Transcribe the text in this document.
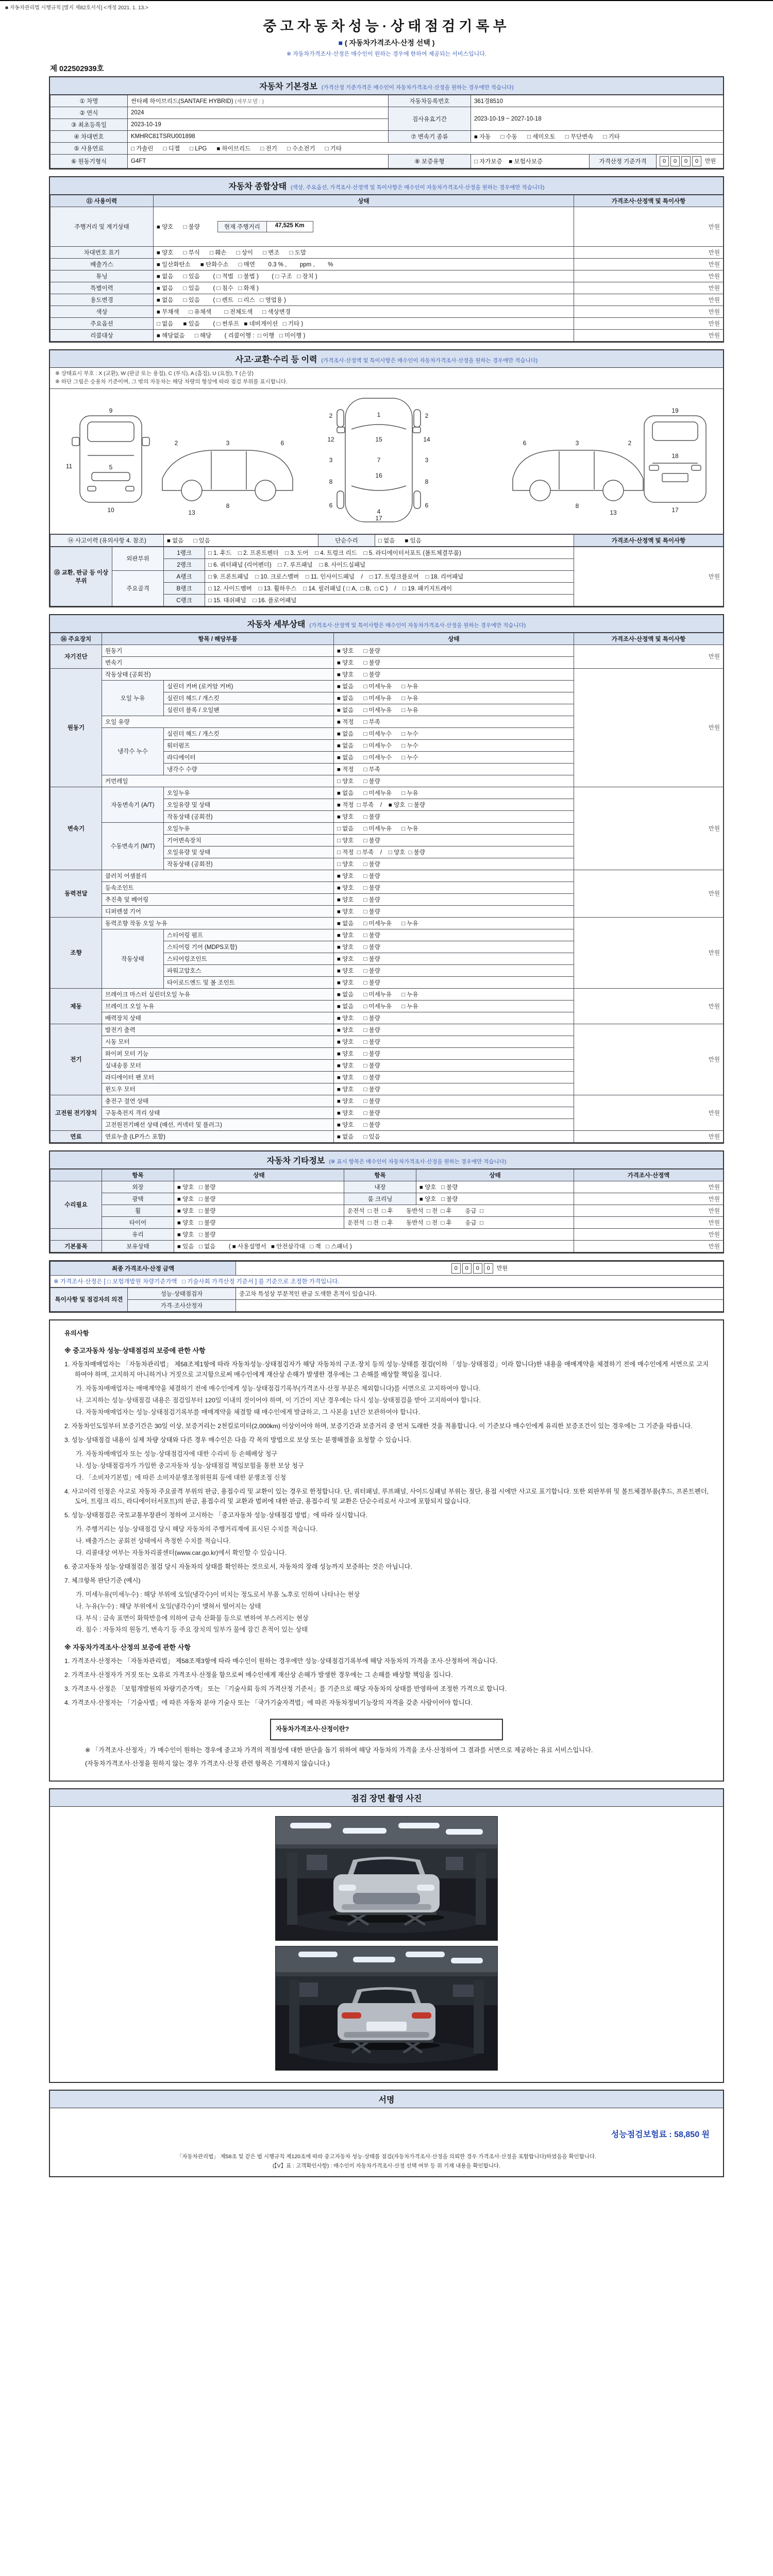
■ 자동차관리법 시행규칙 [별지 제82호서식] <개정 2021. 1. 13.>
중고자동차성능·상태점검기록부
■ ( 자동차가격조사·산정 선택 )
※ 자동차가격조사·산정은 매수인이 원하는 경우에 한하여 제공되는 서비스입니다.
제 022502939호
자동차 기본정보 (가격산정 기준가격은 매수인이 자동차가격조사·산정을 원하는 경우에만 적습니다)
① 차명	싼타페 하이브리드(SANTAFE HYBRID) (세부모델 : )	자동차등록번호	361경8510		
② 연식	2024	검사유효기간	2023-10-19 ~ 2027-10-18		
③ 최초등록일	2023-10-19				
④ 차대번호	KMHRC81TSRU001898	⑦ 변속기 종류	■ 자동      □ 수동      □ 세미오토      □ 무단변속      □ 기타		
⑤ 사용연료	□ 가솔린      □ 디젤      □ LPG      ■ 하이브리드      □ 전기      □ 수소전기      □ 기타				
⑥ 원동기형식	G4FT	⑧ 보증유형	□ 자가보증    ■ 보험사보증	가격산정 기준가격	0 0 0 0 만원
자동차 종합상태 (색상, 주요옵션, 가격조사·산정액 및 특이사항은 매수인이 자동차가격조사·산정을 원하는 경우에만 적습니다)
⑪ 사용이력	상태	가격조사·산정액 및 특이사항
주행거리 및 계기상태	■ 양호      □ 불량 현재 주행거리 47,525 Km	만원
차대번호 표기	■ 양호      □ 부식      □ 훼손      □ 상이      □ 변조      □ 도말	만원
배출가스	■ 일산화탄소      ■ 탄화수소      □ 매연        0.3 % ,        ppm ,        %	만원
튜닝	■ 없음      □ 있음        ( □ 적법   □ 불법 )        ( □ 구조   □ 장치 )	만원
특별이력	■ 없음      □ 있음        ( □ 침수   □ 화재 )	만원
용도변경	■ 없음      □ 있음        ( □ 렌트   □ 리스   □ 영업용 )	만원
색상	■ 무채색      □ 유채색        □ 전체도색      □ 색상변경	만원
주요옵션	□ 없음      ■ 있음        ( □ 썬루프   ■ 네비게이션   □ 기타 )	만원
리콜대상	■ 해당없음      □ 해당        ( 리콜이행 :  □ 이행   □ 미이행 )	만원
사고·교환·수리 등 이력 (가격조사·산정액 및 특이사항은 매수인이 자동차가격조사·산정을 원하는 경우에만 적습니다)
※ 상태표시 부호 : X (교환), W (판금 또는 용접), C (부식), A (흠집), U (요철), T (손상)
※ 하단 그림은 승용차 기준이며, 그 밖의 자동차는 해당 차량의 형상에 따라 점검 부위를 표시합니다.
9
5
10
11
2	3	6
8
13
1
7
4
2	2
3	3
6	6
8	8
12	14
15
16
17
2
3
6
8
13
19
18
17
⑭ 사고이력 (유의사항 4. 참조)	■ 없음      □ 있음	단순수리	□ 없음      ■ 있음	가격조사·산정액 및 특이사항
⑮ 교환, 판금 등 이상 부위	외판부위	1랭크	□ 1. 후드    □ 2. 프론트펜더    □ 3. 도어    □ 4. 트렁크 리드    □ 5. 라디에이터서포트 (볼트체결부품)	만원
		2랭크	□ 6. 쿼터패널 (리어펜더)    □ 7. 루프패널    □ 8. 사이드실패널	
	주요골격	A랭크	□ 9. 프론트패널    □ 10. 크로스멤버    □ 11. 인사이드패널    /    □ 17. 트렁크플로어    □ 18. 리어패널	
		B랭크	□ 12. 사이드멤버    □ 13. 휠하우스    □ 14. 필러패널 ( □ A,  □ B,  □ C )    /    □ 19. 패키지트레이	
		C랭크	□ 15. 대쉬패널    □ 16. 플로어패널	
자동차 세부상태 (가격조사·산정액 및 특이사항은 매수인이 자동차가격조사·산정을 원하는 경우에만 적습니다)
⑯ 주요장치	항목 / 해당부품		상태	가격조사·산정액 및 특이사항
자기진단	원동기		■ 양호      □ 불량	만원
	변속기		■ 양호      □ 불량	
원동기	작동상태 (공회전)		■ 양호      □ 불량	만원
	오일 누유	실린더 커버 (로커암 커버)	■ 없음      □ 미세누유      □ 누유	
		실린더 헤드 / 개스킷	■ 없음      □ 미세누유      □ 누유	
		실린더 블록 / 오일팬	■ 없음      □ 미세누유      □ 누유	
	오일 유량		■ 적정      □ 부족	
	냉각수 누수	실린더 헤드 / 개스킷	■ 없음      □ 미세누수      □ 누수	
		워터펌프	■ 없음      □ 미세누수      □ 누수	
		라디에이터	■ 없음      □ 미세누수      □ 누수	
		냉각수 수량	■ 적정      □ 부족	
	커먼레일		□ 양호      □ 불량	
변속기	자동변속기 (A/T)	오일누유	■ 없음      □ 미세누유      □ 누유	만원
		오일유량 및 상태	■ 적정  □ 부족    /    ■ 양호  □ 불량	
		작동상태 (공회전)	■ 양호      □ 불량	
	수동변속기 (M/T)	오일누유	□ 없음      □ 미세누유      □ 누유	
		기어변속장치	□ 양호      □ 불량	
		오일유량 및 상태	□ 적정  □ 부족    /    □ 양호  □ 불량	
		작동상태 (공회전)	□ 양호      □ 불량	
동력전달	클러치 어셈블리		■ 양호      □ 불량	만원
	등속조인트		■ 양호      □ 불량	
	추진축 및 베어링		■ 양호      □ 불량	
	디퍼렌셜 기어		■ 양호      □ 불량	
조향	동력조향 작동 오일 누유		■ 없음      □ 미세누유      □ 누유	만원
	작동상태	스티어링 펌프	■ 양호      □ 불량	
		스티어링 기어 (MDPS포함)	■ 양호      □ 불량	
		스티어링조인트	■ 양호      □ 불량	
		파워고압호스	■ 양호      □ 불량	
		타이로드엔드 및 볼 조인트	■ 양호      □ 불량	
제동	브레이크 마스터 실린더오일 누유		■ 없음      □ 미세누유      □ 누유	만원
	브레이크 오일 누유		■ 없음      □ 미세누유      □ 누유	
	배력장치 상태		■ 양호      □ 불량	
전기	발전기 출력		■ 양호      □ 불량	만원
	시동 모터		■ 양호      □ 불량	
	와이퍼 모터 기능		■ 양호      □ 불량	
	실내송풍 모터		■ 양호      □ 불량	
	라디에이터 팬 모터		■ 양호      □ 불량	
	윈도우 모터		■ 양호      □ 불량	
고전원 전기장치	충전구 절연 상태		■ 양호      □ 불량	만원
	구동축전지 격리 상태		■ 양호      □ 불량	
	고전원전기배선 상태 (배선, 커넥터 및 플러그)		■ 양호      □ 불량	
연료	연료누출 (LP가스 포함)		■ 없음      □ 있음	만원
자동차 기타정보 (※ 표시 항목은 매수인이 자동차가격조사·산정을 원하는 경우에만 적습니다)
	항목	상태	항목	상태	가격조사·산정액
수리필요	외장	■ 양호   □ 불량	내장	■ 양호   □ 불량	만원
	광택	■ 양호   □ 불량	룸 크리닝	■ 양호   □ 불량	만원
	휠	■ 양호   □ 불량	운전석  □ 전  □ 후        동반석  □ 전  □ 후        응급  □		만원
	타이어	■ 양호   □ 불량	운전석  □ 전  □ 후        동반석  □ 전  □ 후        응급  □		만원
	유리	■ 양호   □ 불량			만원
기본품목	보유상태	■ 있음   □ 없음        ( ■ 사용설명서   ■ 안전삼각대   □ 잭   □ 스패너 )			만원
최종 가격조사·산정 금액	0 0 0 0 만원
※ 가격조사·산정은 [ □ 보험개발원 차량기준가액   □ 기술사회 가격산정 기준서 ] 를 기준으로 조정한 가격입니다.
특이사항 및 점검자의 의견	성능·상태점검자	중고차 특성상 부분적인 판금 도색한 흔적이 있습니다.
	가격·조사산정자	
유의사항
※ 중고자동차 성능·상태점검의 보증에 관한 사항
1. 자동차매매업자는 「자동차관리법」 제58조제1항에 따라 자동차성능·상태점검자가 해당 자동차의 구조·장치 등의 성능·상태를 점검(이하 「성능·상태점검」이라 합니다)한 내용을 매매계약을 체결하기 전에 매수인에게 서면으로 고지하여야 하며, 고지하지 아니하거나 거짓으로 고지함으로써 매수인에게 재산상 손해가 발생한 경우에는 그 손해를 배상할 책임을 집니다.
가. 자동차매매업자는 매매계약을 체결하기 전에 매수인에게 성능·상태점검기록부(가격조사·산정 부분은 제외합니다)를 서면으로 고지하여야 합니다.
나. 고지하는 성능·상태점검 내용은 점검일부터 120일 이내의 것이어야 하며, 이 기간이 지난 경우에는 다시 성능·상태점검을 받아 고지하여야 합니다.
다. 자동차매매업자는 성능·상태점검기록부를 매매계약을 체결할 때 매수인에게 발급하고, 그 사본을 1년간 보관하여야 합니다.
2. 자동차인도일부터 보증기간은 30일 이상, 보증거리는 2천킬로미터(2,000km) 이상이어야 하며, 보증기간과 보증거리 중 먼저 도래한 것을 적용합니다. 이 기준보다 매수인에게 유리한 보증조건이 있는 경우에는 그 기준을 따릅니다.
3. 성능·상태점검 내용이 실제 차량 상태와 다른 경우 매수인은 다음 각 목의 방법으로 보상 또는 분쟁해결을 요청할 수 있습니다.
가. 자동차매매업자 또는 성능·상태점검자에 대한 수리비 등 손해배상 청구
나. 성능·상태점검자가 가입한 중고자동차 성능·상태점검 책임보험을 통한 보상 청구
다. 「소비자기본법」에 따른 소비자분쟁조정위원회 등에 대한 분쟁조정 신청
4. 사고이력 인정은 사고로 자동차 주요골격 부위의 판금, 용접수리 및 교환이 있는 경우로 한정합니다. 단, 쿼터패널, 루프패널, 사이드실패널 부위는 절단, 용접 시에만 사고로 표기합니다. 또한 외판부위 및 볼트체결부품(후드, 프론트펜더, 도어, 트렁크 리드, 라디에이터서포트)의 판금, 용접수리 및 교환과 범퍼에 대한 판금, 용접수리 및 교환은 단순수리로서 사고에 포함되지 않습니다.
5. 성능·상태점검은 국토교통부장관이 정하여 고시하는 「중고자동차 성능·상태점검 방법」에 따라 실시합니다.
가. 주행거리는 성능·상태점검 당시 해당 자동차의 주행거리계에 표시된 수치를 적습니다.
나. 배출가스는 공회전 상태에서 측정한 수치를 적습니다.
다. 리콜대상 여부는 자동차리콜센터(www.car.go.kr)에서 확인할 수 있습니다.
6. 중고자동차 성능·상태점검은 점검 당시 자동차의 상태를 확인하는 것으로서, 자동차의 장래 성능까지 보증하는 것은 아닙니다.
7. 체크항목 판단기준 (예시)
가. 미세누유(미세누수) : 해당 부위에 오일(냉각수)이 비치는 정도로서 부품 노후로 인하여 나타나는 현상
나. 누유(누수) : 해당 부위에서 오일(냉각수)이 맺혀서 떨어지는 상태
다. 부식 : 금속 표면이 화학반응에 의하여 금속 산화물 등으로 변하여 부스러지는 현상
라. 침수 : 자동차의 원동기, 변속기 등 주요 장치의 일부가 물에 잠긴 흔적이 있는 상태
※ 자동차가격조사·산정의 보증에 관한 사항
1. 가격조사·산정자는 「자동차관리법」 제58조제3항에 따라 매수인이 원하는 경우에만 성능·상태점검기록부에 해당 자동차의 가격을 조사·산정하여 적습니다.
2. 가격조사·산정자가 거짓 또는 오류로 가격조사·산정을 함으로써 매수인에게 재산상 손해가 발생한 경우에는 그 손해를 배상할 책임을 집니다.
3. 가격조사·산정은 「보험개발원의 차량기준가액」 또는 「기술사회 등의 가격산정 기준서」를 기준으로 해당 자동차의 상태를 반영하여 조정한 가격으로 합니다.
4. 가격조사·산정자는 「기술사법」에 따른 자동차 분야 기술사 또는 「국가기술자격법」에 따른 자동차정비기능장의 자격을 갖춘 사람이어야 합니다.
자동차가격조사·산정이란?
※ 「가격조사·산정자」가 매수인이 원하는 경우에 중고차 가격의 적절성에 대한 판단을 돕기 위하여 해당 자동차의 가격을 조사·산정하여 그 결과를 서면으로 제공하는 유료 서비스입니다.
(자동차가격조사·산정을 원하지 않는 경우 가격조사·산정 관련 항목은 기재하지 않습니다.)
점검 장면 촬영 사진
서명
성능점검보험료 : 58,850 원
「자동차관리법」 제58조 및 같은 법 시행규칙 제120조에 따라 중고자동차 성능·상태를 점검(자동차가격조사·산정을 의뢰한 경우 가격조사·산정을 포함합니다)하였음을 확인합니다.
(【V】표 : 고객확인사항) : 매수인이 자동차가격조사·산정 선택 여부 등 위 기재 내용을 확인합니다.
